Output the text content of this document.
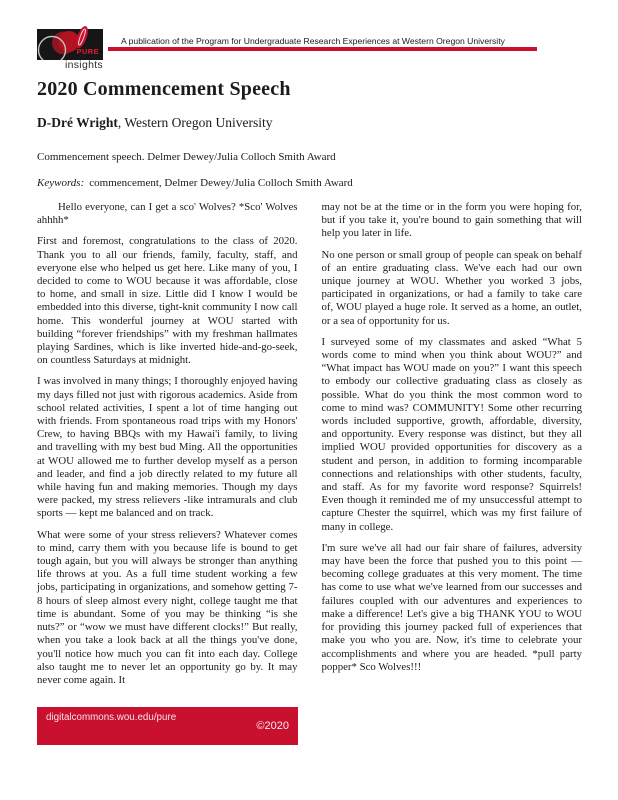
PURE
insights
A publication of the Program for Undergraduate Research Experiences at Western Oregon University
2020 Commencement Speech
D-Dré Wright, Western Oregon University
Commencement speech. Delmer Dewey/Julia Colloch Smith Award
Keywords: commencement, Delmer Dewey/Julia Colloch Smith Award

Hello everyone, can I get a sco' Wolves? *Sco' Wolves ahhhh*

First and foremost, congratulations to the class of 2020. Thank you to all our friends, family, faculty, staff, and everyone else who helped us get here. Like many of you, I decided to come to WOU because it was affordable, close to home, and small in size. Little did I know I would be embedded into this diverse, tight-knit community I now call home. This wonderful journey at WOU started with building “forever friendships” with my freshman hallmates playing Sardines, which is like inverted hide-and-go-seek, on countless Saturdays at midnight.

I was involved in many things; I thoroughly enjoyed having my days filled not just with rigorous academics. Aside from school related activities, I spent a lot of time hanging out with friends. From spontaneous road trips with my Honors' Crew, to having BBQs with my Hawai'i family, to living and travelling with my best bud Ming. All the opportunities at WOU allowed me to further develop myself as a person and leader, and find a job directly related to my future all while having fun and making memories. Though my days were packed, my stress relievers -like intramurals and club sports — kept me balanced and on track.

What were some of your stress relievers? Whatever comes to mind, carry them with you because life is bound to get tough again, but you will always be stronger than anything life throws at you. As a full time student working a few jobs, participating in organizations, and somehow getting 7-8 hours of sleep almost every night, college taught me that time is abundant. Some of you may be thinking “is she nuts?” or “wow we must have different clocks!” But really, when you take a look back at all the things you've done, you'll notice how much you can fit into each day. College also taught me to never let an opportunity go by. It may never come again. It

may not be at the time or in the form you were hoping for, but if you take it, you're bound to gain something that will help you later in life.

No one person or small group of people can speak on behalf of an entire graduating class. We've each had our own unique journey at WOU. Whether you worked 3 jobs, participated in organizations, or had a family to take care of, WOU played a huge role. It served as a home, an outlet, or a sea of opportunity for us.

I surveyed some of my classmates and asked “What 5 words come to mind when you think about WOU?” and “What impact has WOU made on you?” I want this speech to embody our collective graduating class as closely as possible. What do you think the most common word to come to mind was? COMMUNITY! Some other recurring words included supportive, growth, affordable, diversity, and opportunity. Every response was distinct, but they all implied WOU provided opportunities for discovery as a student and person, in addition to forming incomparable connections and relationships with other students, faculty, and staff. As for my favorite word response? Squirrels! Even though it reminded me of my unsuccessful attempt to capture Chester the squirrel, which was my first failure of many in college.

I'm sure we've all had our fair share of failures, adversity may have been the force that pushed you to this point — becoming college graduates at this very moment. The time has come to use what we've learned from our successes and failures coupled with our adventures and experiences to make a difference! Let's give a big THANK YOU to WOU for providing this journey packed full of experiences that make you who you are. Now, it's time to celebrate your accomplishments and where you are headed. *pull party popper* Sco Wolves!!!

digitalcommons.wou.edu/pure
©2020
